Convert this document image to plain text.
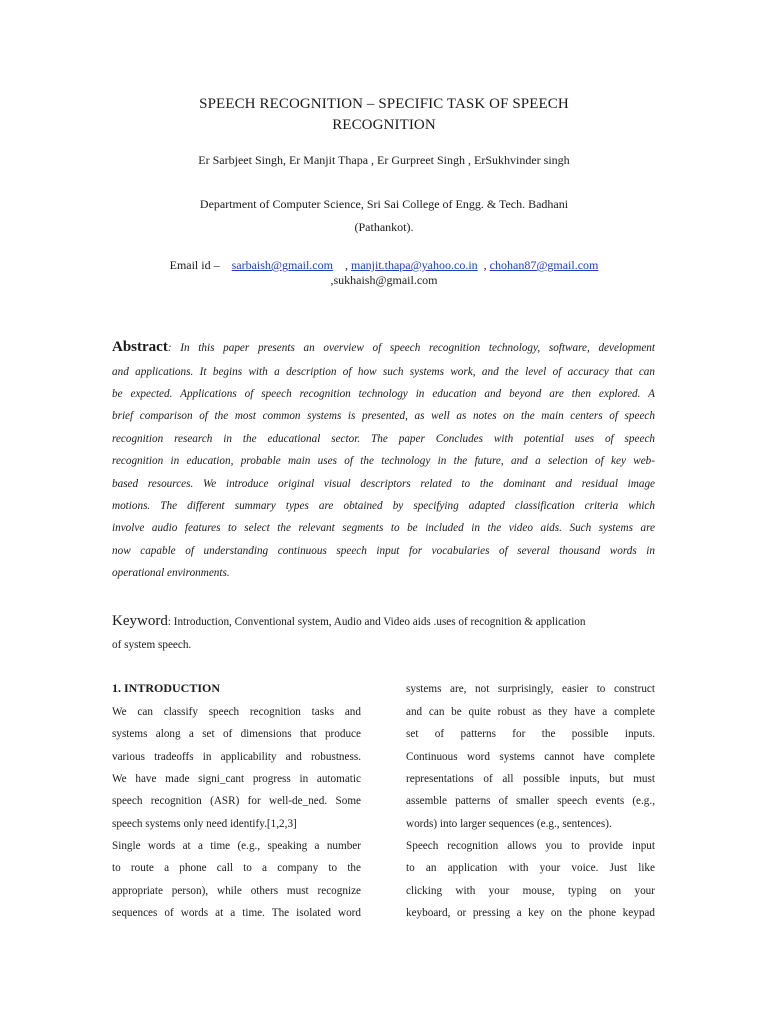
SPEECH RECOGNITION – SPECIFIC TASK OF SPEECH
RECOGNITION
Er Sarbjeet Singh, Er Manjit Thapa , Er Gurpreet Singh , ErSukhvinder singh
Department of Computer Science, Sri Sai College of Engg. & Tech. Badhani
(Pathankot).
Email id – sarbaish@gmail.com , manjit.thapa@yahoo.co.in , chohan87@gmail.com
,sukhaish@gmail.com
Abstract: In this paper presents an overview of speech recognition technology, software, development
and applications. It begins with a description of how such systems work, and the level of accuracy that can
be expected. Applications of speech recognition technology in education and beyond are then explored. A
brief comparison of the most common systems is presented, as well as notes on the main centers of speech
recognition research in the educational sector. The paper Concludes with potential uses of speech
recognition in education, probable main uses of the technology in the future, and a selection of key web-
based resources. We introduce original visual descriptors related to the dominant and residual image
motions. The different summary types are obtained by specifying adapted classification criteria which
involve audio features to select the relevant segments to be included in the video aids. Such systems are
now capable of understanding continuous speech input for vocabularies of several thousand words in
operational environments.
Keyword: Introduction, Conventional system, Audio and Video aids .uses of recognition & application
of system speech.
1. INTRODUCTION
We can classify speech recognition tasks and
systems along a set of dimensions that produce
various tradeoffs in applicability and robustness.
We have made signi_cant progress in automatic
speech recognition (ASR) for well-de_ned. Some
speech systems only need identify.[1,2,3]
Single words at a time (e.g., speaking a number
to route a phone call to a company to the
appropriate person), while others must recognize
sequences of words at a time. The isolated word
systems are, not surprisingly, easier to construct
and can be quite robust as they have a complete
set of patterns for the possible inputs.
Continuous word systems cannot have complete
representations of all possible inputs, but must
assemble patterns of smaller speech events (e.g.,
words) into larger sequences (e.g., sentences).
Speech recognition allows you to provide input
to an application with your voice. Just like
clicking with your mouse, typing on your
keyboard, or pressing a key on the phone keypad
